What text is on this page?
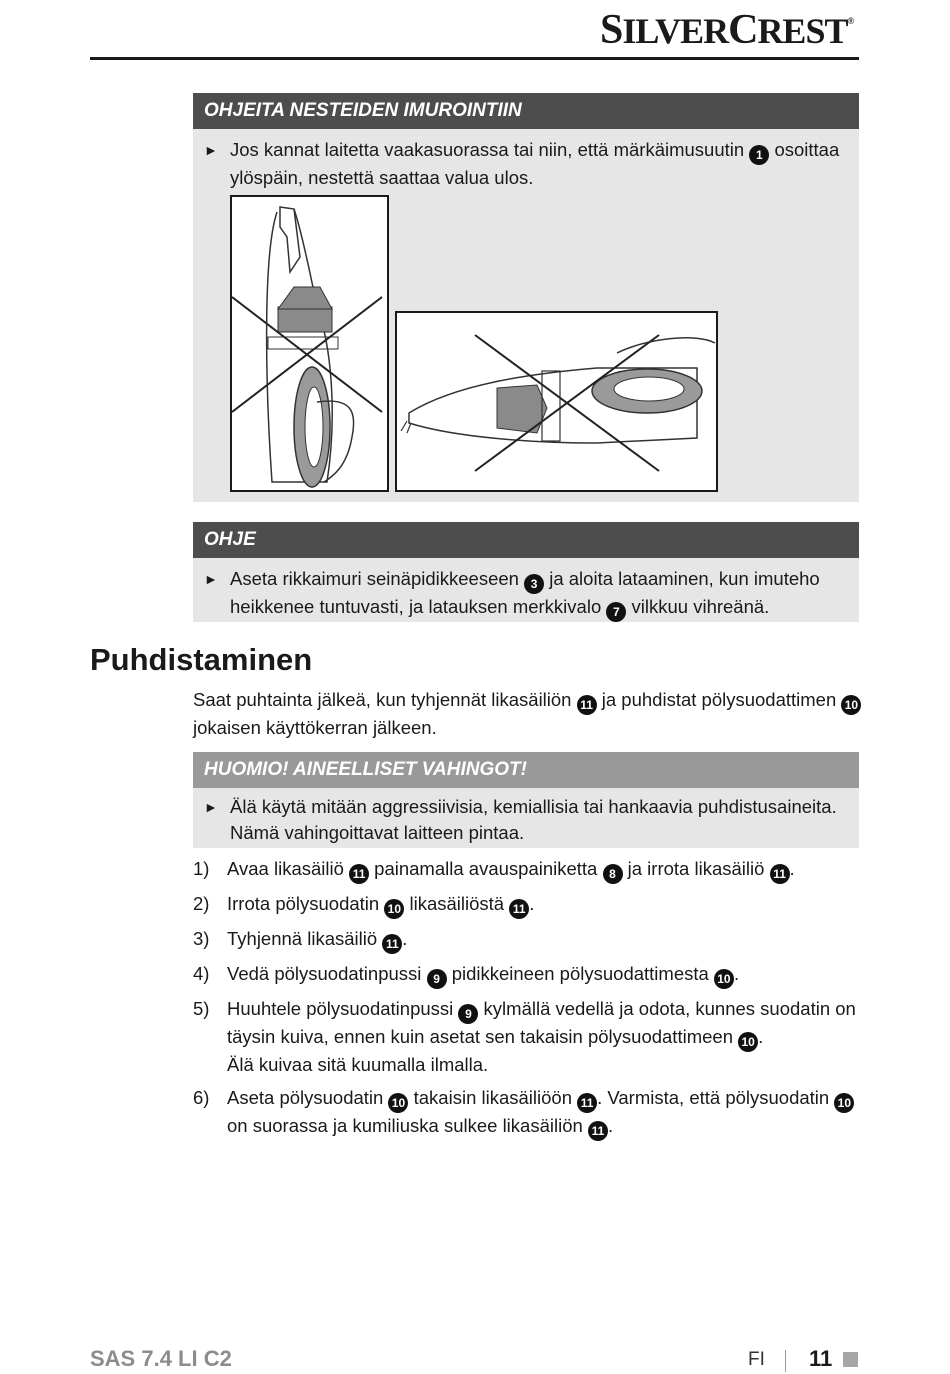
SILVERCREST®
OHJEITA NESTEIDEN IMUROINTIIN
► Jos kannat laitetta vaakasuorassa tai niin, että märkäimusuutin 1 osoittaa ylöspäin, nestettä saattaa valua ulos.
OHJE
► Aseta rikkaimuri seinäpidikkeeseen 3 ja aloita lataaminen, kun imuteho heikkenee tuntuvasti, ja latauksen merkkivalo 7 vilkkuu vihreänä.
Puhdistaminen
Saat puhtainta jälkeä, kun tyhjennät likasäiliön 11 ja puhdistat pölysuodattimen 10 jokaisen käyttökerran jälkeen.
HUOMIO! AINEELLISET VAHINGOT!
► Älä käytä mitään aggressiivisia, kemiallisia tai hankaavia puhdistusaineita. Nämä vahingoittavat laitteen pintaa.
1) Avaa likasäiliö 11 painamalla avauspainiketta 8 ja irrota likasäiliö 11 .
2) Irrota pölysuodatin 10 likasäiliöstä 11 .
3) Tyhjennä likasäiliö 11 .
4) Vedä pölysuodatinpussi 9 pidikkeineen pölysuodattimesta 10 .
5) Huuhtele pölysuodatinpussi 9 kylmällä vedellä ja odota, kunnes suodatin on täysin kuiva, ennen kuin asetat sen takaisin pölysuodattimeen 10 .
Älä kuivaa sitä kuumalla ilmalla.
6) Aseta pölysuodatin 10 takaisin likasäiliöön 11 . Varmista, että pölysuodatin 10 on suorassa ja kumiliuska sulkee likasäiliön 11 .
SAS 7.4 LI C2	FI 11
